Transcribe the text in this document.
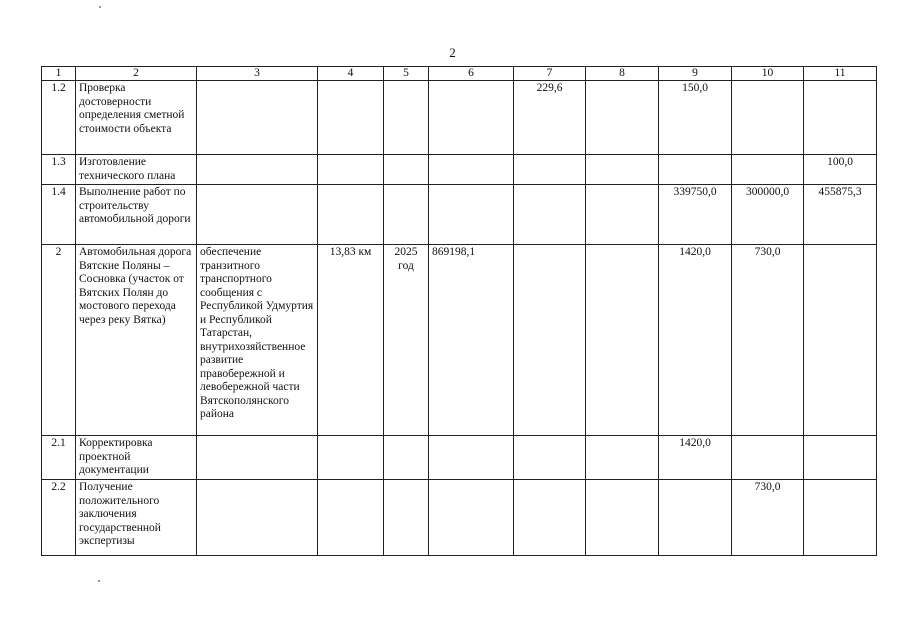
2
1	2	3	4	5	6	7	8	9	10	11
1.2	Проверка достоверности определения сметной стоимости объекта					229,6		150,0		
1.3	Изготовление технического плана									100,0
1.4	Выполнение работ по строительству автомобильной дороги							339750,0	300000,0	455875,3
2	Автомобильная дорога Вятские Поляны – Сосновка (участок от Вятских Полян до мостового перехода через реку Вятка)	обеспечение транзитного транспортного сообщения с Республикой Удмуртия и Республикой Татарстан, внутрихозяйственное развитие правобережной и левобережной части Вятскополянского района	13,83 км	2025 год	869198,1			1420,0	730,0	
2.1	Корректировка проектной документации							1420,0		
2.2	Получение положительного заключения государственной экспертизы								730,0	
